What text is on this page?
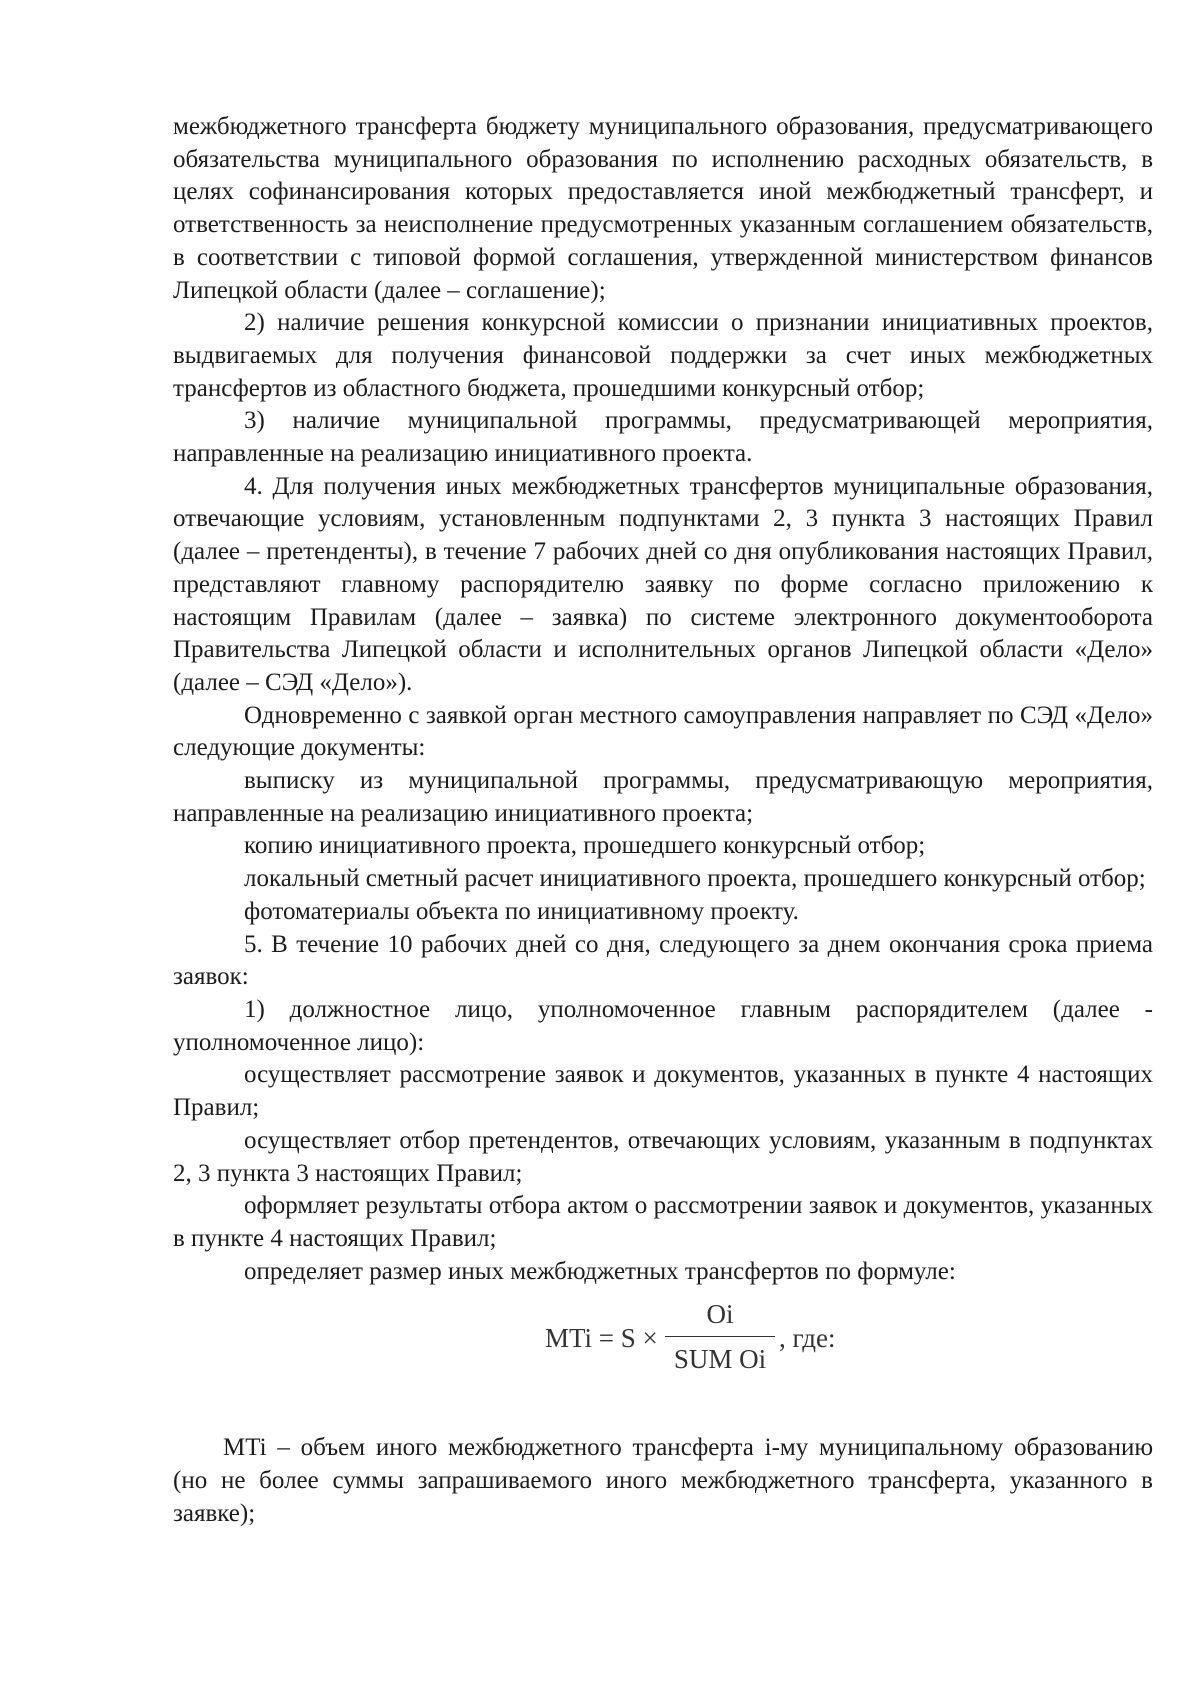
межбюджетного трансферта бюджету муниципального образования, предусматривающего обязательства муниципального образования по исполнению расходных обязательств, в целях софинансирования которых предоставляется иной межбюджетный трансферт, и ответственность за неисполнение предусмотренных указанным соглашением обязательств, в соответствии с типовой формой соглашения, утвержденной министерством финансов Липецкой области (далее – соглашение);

2) наличие решения конкурсной комиссии о признании инициативных проектов, выдвигаемых для получения финансовой поддержки за счет иных межбюджетных трансфертов из областного бюджета, прошедшими конкурсный отбор;

3) наличие муниципальной программы, предусматривающей мероприятия, направленные на реализацию инициативного проекта.

4. Для получения иных межбюджетных трансфертов муниципальные образования, отвечающие условиям, установленным подпунктами 2, 3 пункта 3 настоящих Правил (далее – претенденты), в течение 7 рабочих дней со дня опубликования настоящих Правил, представляют главному распорядителю заявку по форме согласно приложению к настоящим Правилам (далее – заявка) по системе электронного документооборота Правительства Липецкой области и исполнительных органов Липецкой области «Дело» (далее – СЭД «Дело»).

Одновременно с заявкой орган местного самоуправления направляет по СЭД «Дело» следующие документы:

выписку из муниципальной программы, предусматривающую мероприятия, направленные на реализацию инициативного проекта;

копию инициативного проекта, прошедшего конкурсный отбор;

локальный сметный расчет инициативного проекта, прошедшего конкурсный отбор;

фотоматериалы объекта по инициативному проекту.

5. В течение 10 рабочих дней со дня, следующего за днем окончания срока приема заявок:

1) должностное лицо, уполномоченное главным распорядителем (далее - уполномоченное лицо):

осуществляет рассмотрение заявок и документов, указанных в пункте 4 настоящих Правил;

осуществляет отбор претендентов, отвечающих условиям, указанным в подпунктах 2, 3 пункта 3 настоящих Правил;

оформляет результаты отбора актом о рассмотрении заявок и документов, указанных в пункте 4 настоящих Правил;

определяет размер иных межбюджетных трансфертов по формуле:

MTi = S ×
Oi
SUM Oi
, где:

MTi – объем иного межбюджетного трансферта i-му муниципальному образованию (но не более суммы запрашиваемого иного межбюджетного трансферта, указанного в заявке);
